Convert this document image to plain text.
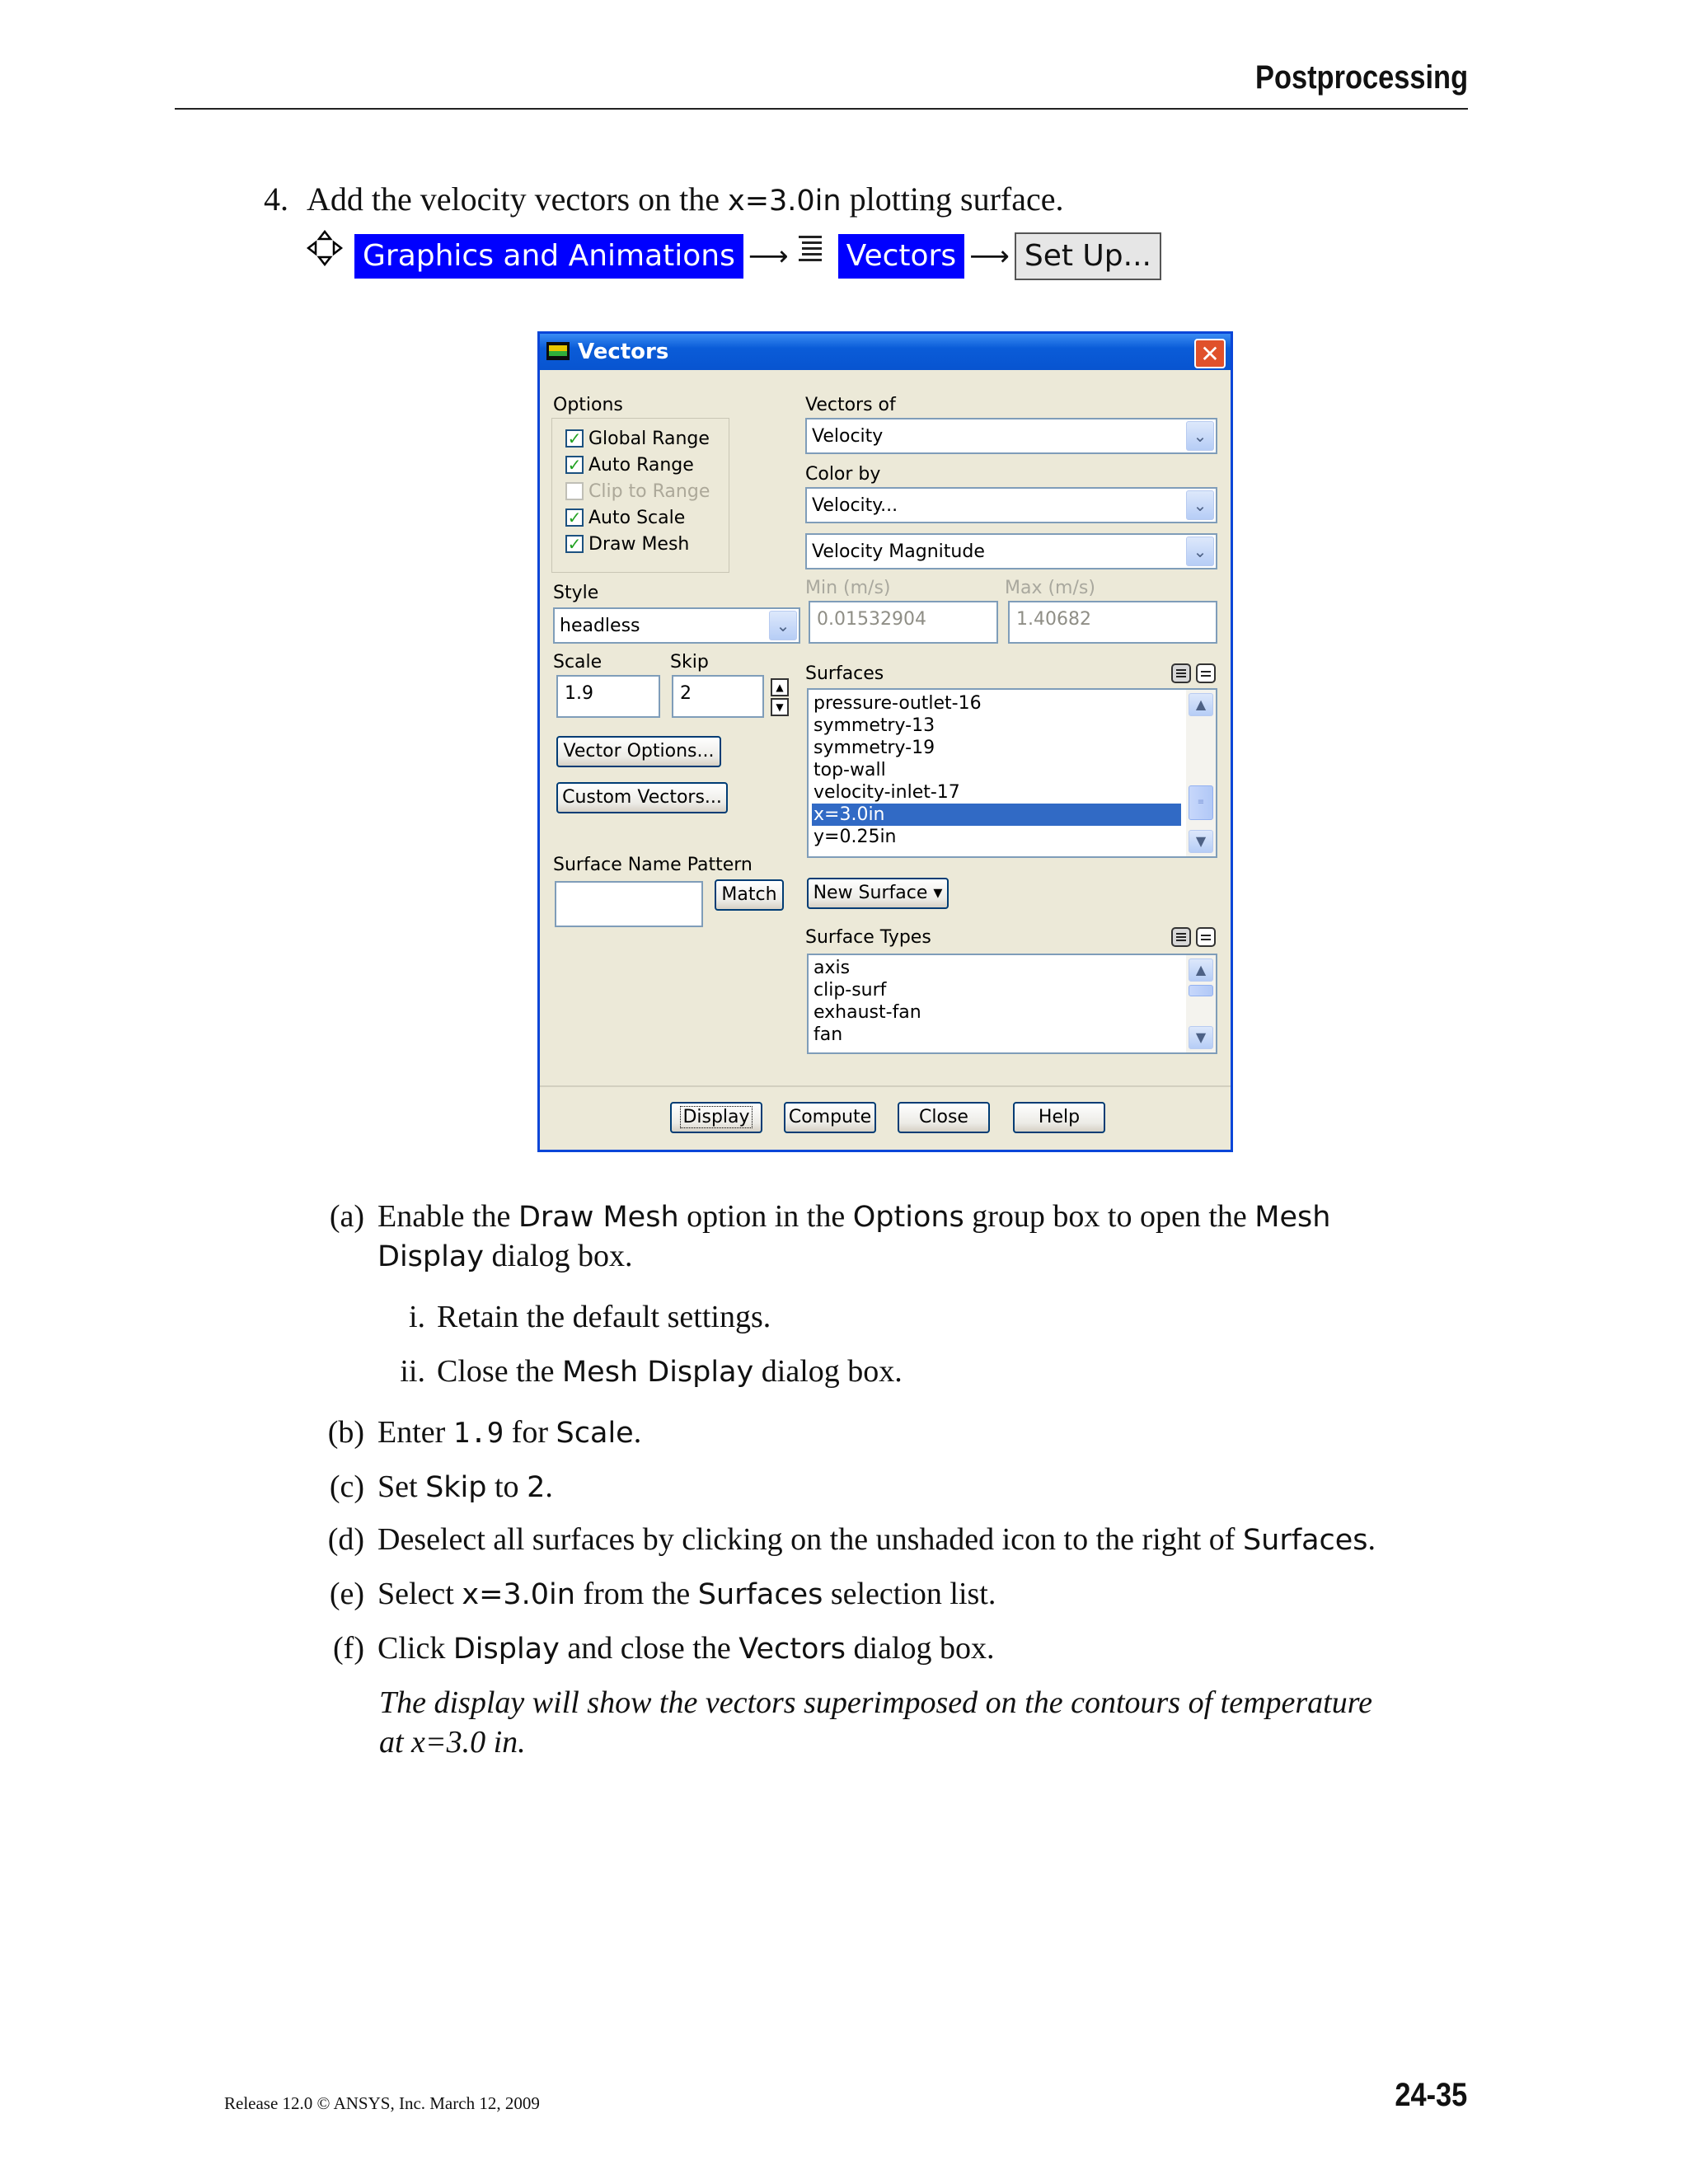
Postprocessing
4. Add the velocity vectors on the x=3.0in plotting surface.
Graphics and Animations ⟶ Vectors ⟶ Set Up...
Vectors	✕
Options
✓ Global Range
✓ Auto Range
Clip to Range
✓ Auto Scale
✓ Draw Mesh
Style
headless	⌄
Scale	Skip
1.9	2	▲
▼
Vector Options...
Custom Vectors...
Surface Name Pattern
Match
Vectors of
Velocity	⌄
Color by
Velocity...	⌄
Velocity Magnitude	⌄
Min (m/s)	Max (m/s)
0.01532904	1.40682
Surfaces
pressure-outlet-16
symmetry-13
symmetry-19
top-wall
velocity-inlet-17
x=3.0in
y=0.25in
▲
≡
▼
New Surface ▾
Surface Types
axis
clip-surf
exhaust-fan
fan
▲
▼
Display	Compute	Close	Help
(a) Enable the Draw Mesh option in the Options group box to open the Mesh
Display dialog box.
i. Retain the default settings.
ii. Close the Mesh Display dialog box.
(b) Enter 1.9 for Scale.
(c) Set Skip to 2.
(d) Deselect all surfaces by clicking on the unshaded icon to the right of Surfaces.
(e) Select x=3.0in from the Surfaces selection list.
(f) Click Display and close the Vectors dialog box.
The display will show the vectors superimposed on the contours of temperature
at x=3.0 in.
Release 12.0 © ANSYS, Inc. March 12, 2009	24-35
